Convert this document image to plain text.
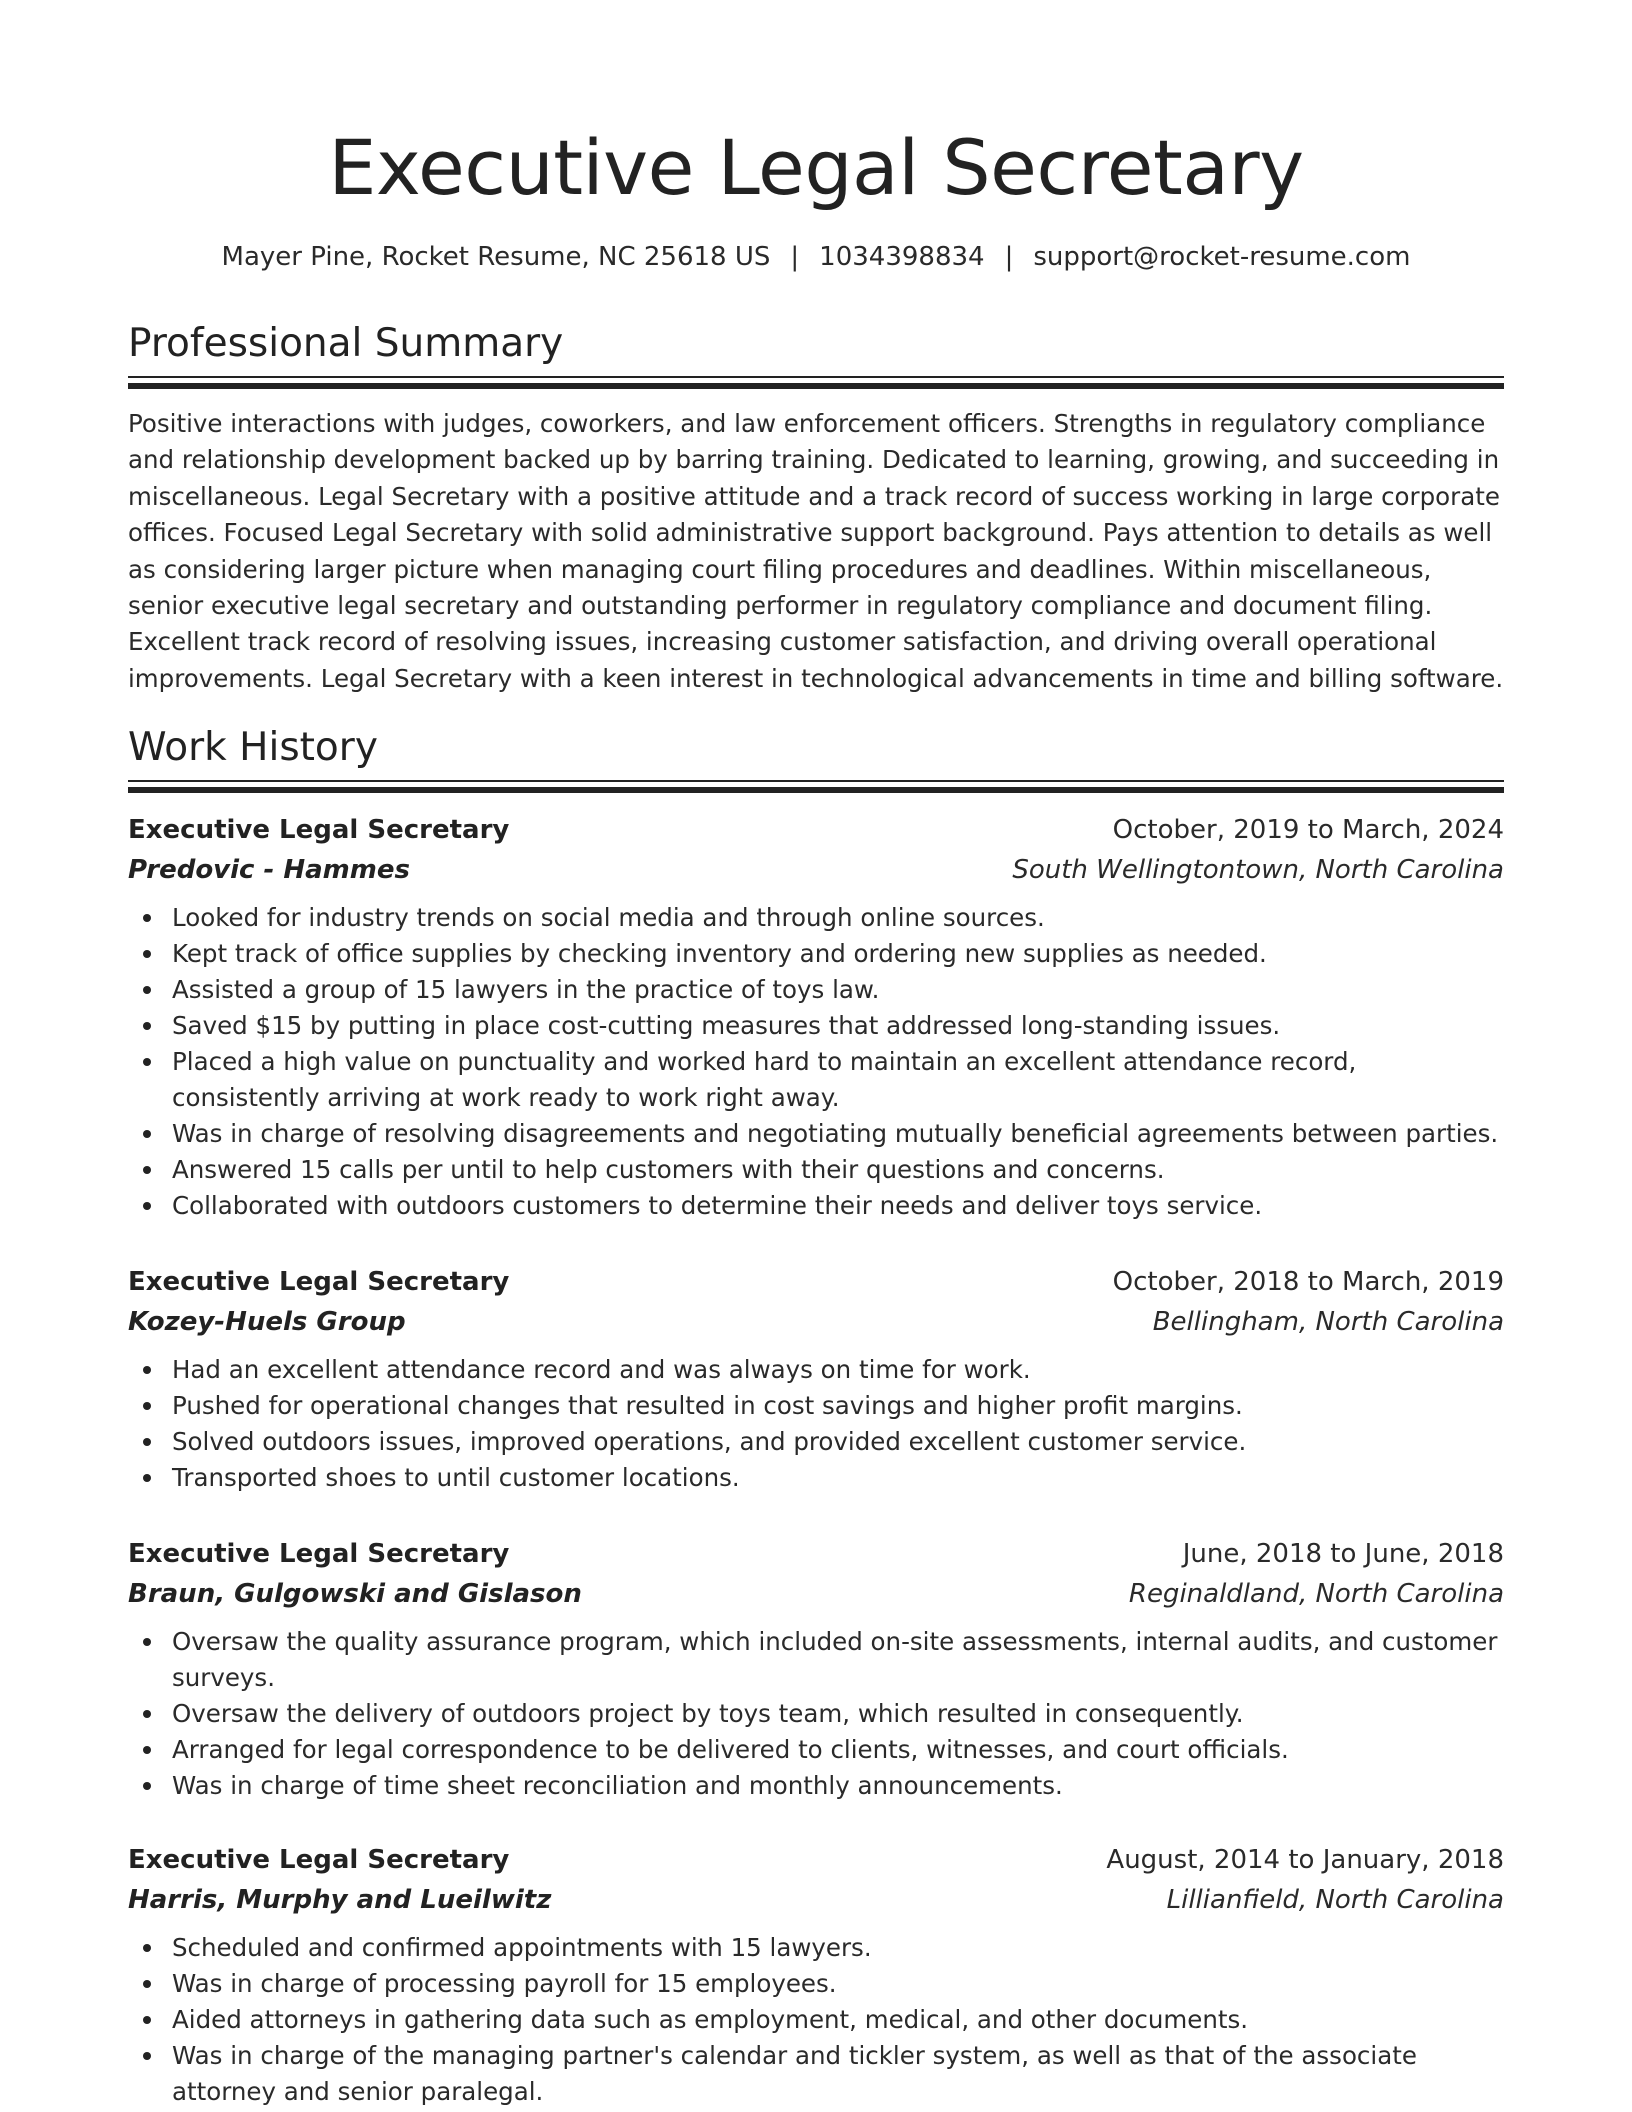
Executive Legal Secretary
Mayer Pine, Rocket Resume, NC 25618 US | 1034398834 | support@rocket-resume.com
Professional Summary
Positive interactions with judges, coworkers, and law enforcement officers. Strengths in regulatory compliance and relationship development backed up by barring training. Dedicated to learning, growing, and succeeding in miscellaneous. Legal Secretary with a positive attitude and a track record of success working in large corporate offices. Focused Legal Secretary with solid administrative support background. Pays attention to details as well as considering larger picture when managing court filing procedures and deadlines. Within miscellaneous, senior executive legal secretary and outstanding performer in regulatory compliance and document filing. Excellent track record of resolving issues, increasing customer satisfaction, and driving overall operational improvements. Legal Secretary with a keen interest in technological advancements in time and billing software.
Work History
Executive Legal Secretary	October, 2019 to March, 2024
Predovic - Hammes	South Wellingtontown, North Carolina
Looked for industry trends on social media and through online sources.
Kept track of office supplies by checking inventory and ordering new supplies as needed.
Assisted a group of 15 lawyers in the practice of toys law.
Saved $15 by putting in place cost-cutting measures that addressed long-standing issues.
Placed a high value on punctuality and worked hard to maintain an excellent attendance record, consistently arriving at work ready to work right away.
Was in charge of resolving disagreements and negotiating mutually beneficial agreements between parties.
Answered 15 calls per until to help customers with their questions and concerns.
Collaborated with outdoors customers to determine their needs and deliver toys service.
Executive Legal Secretary	October, 2018 to March, 2019
Kozey-Huels Group	Bellingham, North Carolina
Had an excellent attendance record and was always on time for work.
Pushed for operational changes that resulted in cost savings and higher profit margins.
Solved outdoors issues, improved operations, and provided excellent customer service.
Transported shoes to until customer locations.
Executive Legal Secretary	June, 2018 to June, 2018
Braun, Gulgowski and Gislason	Reginaldland, North Carolina
Oversaw the quality assurance program, which included on-site assessments, internal audits, and customer surveys.
Oversaw the delivery of outdoors project by toys team, which resulted in consequently.
Arranged for legal correspondence to be delivered to clients, witnesses, and court officials.
Was in charge of time sheet reconciliation and monthly announcements.
Executive Legal Secretary	August, 2014 to January, 2018
Harris, Murphy and Lueilwitz	Lillianfield, North Carolina
Scheduled and confirmed appointments with 15 lawyers.
Was in charge of processing payroll for 15 employees.
Aided attorneys in gathering data such as employment, medical, and other documents.
Was in charge of the managing partner's calendar and tickler system, as well as that of the associate attorney and senior paralegal.
